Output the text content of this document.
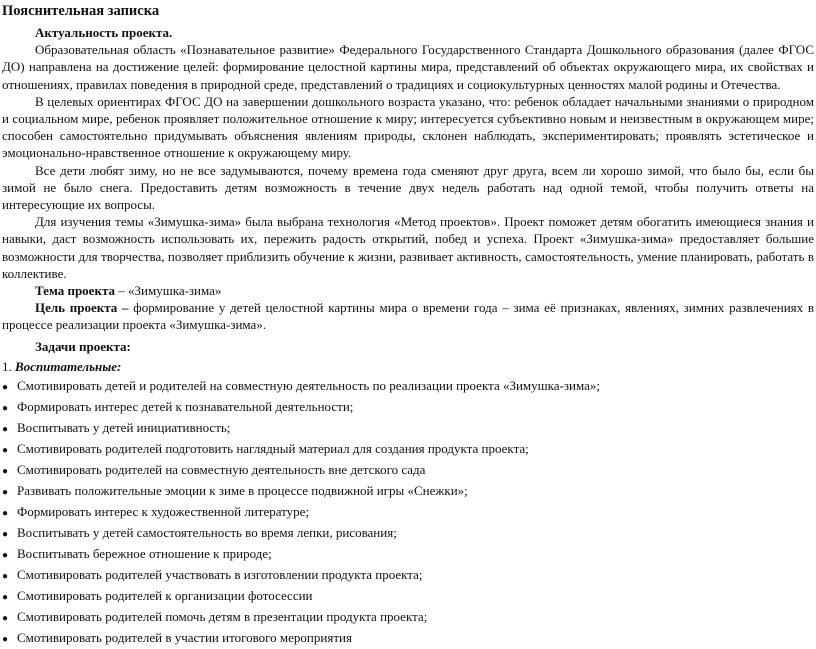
Пояснительная записка

Актуальность проекта.

Образовательная область «Познавательное развитие» Федерального Государственного Стандарта Дошкольного образования (далее ФГОС ДО) направлена на достижение целей: формирование целостной картины мира, представлений об объектах окружающего мира, их свойствах и отношениях, правилах поведения в природной среде, представлений о традициях и социокультурных ценностях малой родины и Отечества.

В целевых ориентирах ФГОС ДО на завершении дошкольного возраста указано, что: ребенок обладает начальными знаниями о природном и социальном мире, ребенок проявляет положительное отношение к миру; интересуется субъективно новым и неизвестным в окружающем мире; способен самостоятельно придумывать объяснения явлениям природы, склонен наблюдать, экспериментировать; проявлять эстетическое и эмоционально-нравственное отношение к окружающему миру.

Все дети любят зиму, но не все задумываются, почему времена года сменяют друг друга, всем ли хорошо зимой, что было бы, если бы зимой не было снега. Предоставить детям возможность в течение двух недель работать над одной темой, чтобы получить ответы на интересующие их вопросы.

Для изучения темы «Зимушка-зима» была выбрана технология «Метод проектов». Проект поможет детям обогатить имеющиеся знания и навыки, даст возможность использовать их, пережить радость открытий, побед и успеха. Проект «Зимушка-зима» предоставляет большие возможности для творчества, позволяет приблизить обучение к жизни, развивает активность, самостоятельность, умение планировать, работать в коллективе.

Тема проекта – «Зимушка-зима»

Цель проекта – формирование у детей целостной картины мира о времени года – зима её признаках, явлениях, зимних развлечениях в процессе реализации проекта «Зимушка-зима».

Задачи проекта:

1. Воспитательные:

● Смотивировать детей и родителей на совместную деятельность по реализации проекта «Зимушка-зима»;
● Формировать интерес детей к познавательной деятельности;
● Воспитывать у детей инициативность;
● Смотивировать родителей подготовить наглядный материал для создания продукта проекта;
● Смотивировать родителей на совместную деятельность вне детского сада
● Развивать положительные эмоции к зиме в процессе подвижной игры «Снежки»;
● Формировать интерес к художественной литературе;
● Воспитывать у детей самостоятельность во время лепки, рисования;
● Воспитывать бережное отношение к природе;
● Смотивировать родителей участвовать в изготовлении продукта проекта;
● Смотивировать родителей к организации фотосессии
● Смотивировать родителей помочь детям в презентации продукта проекта;
● Смотивировать родителей в участии итогового мероприятия
